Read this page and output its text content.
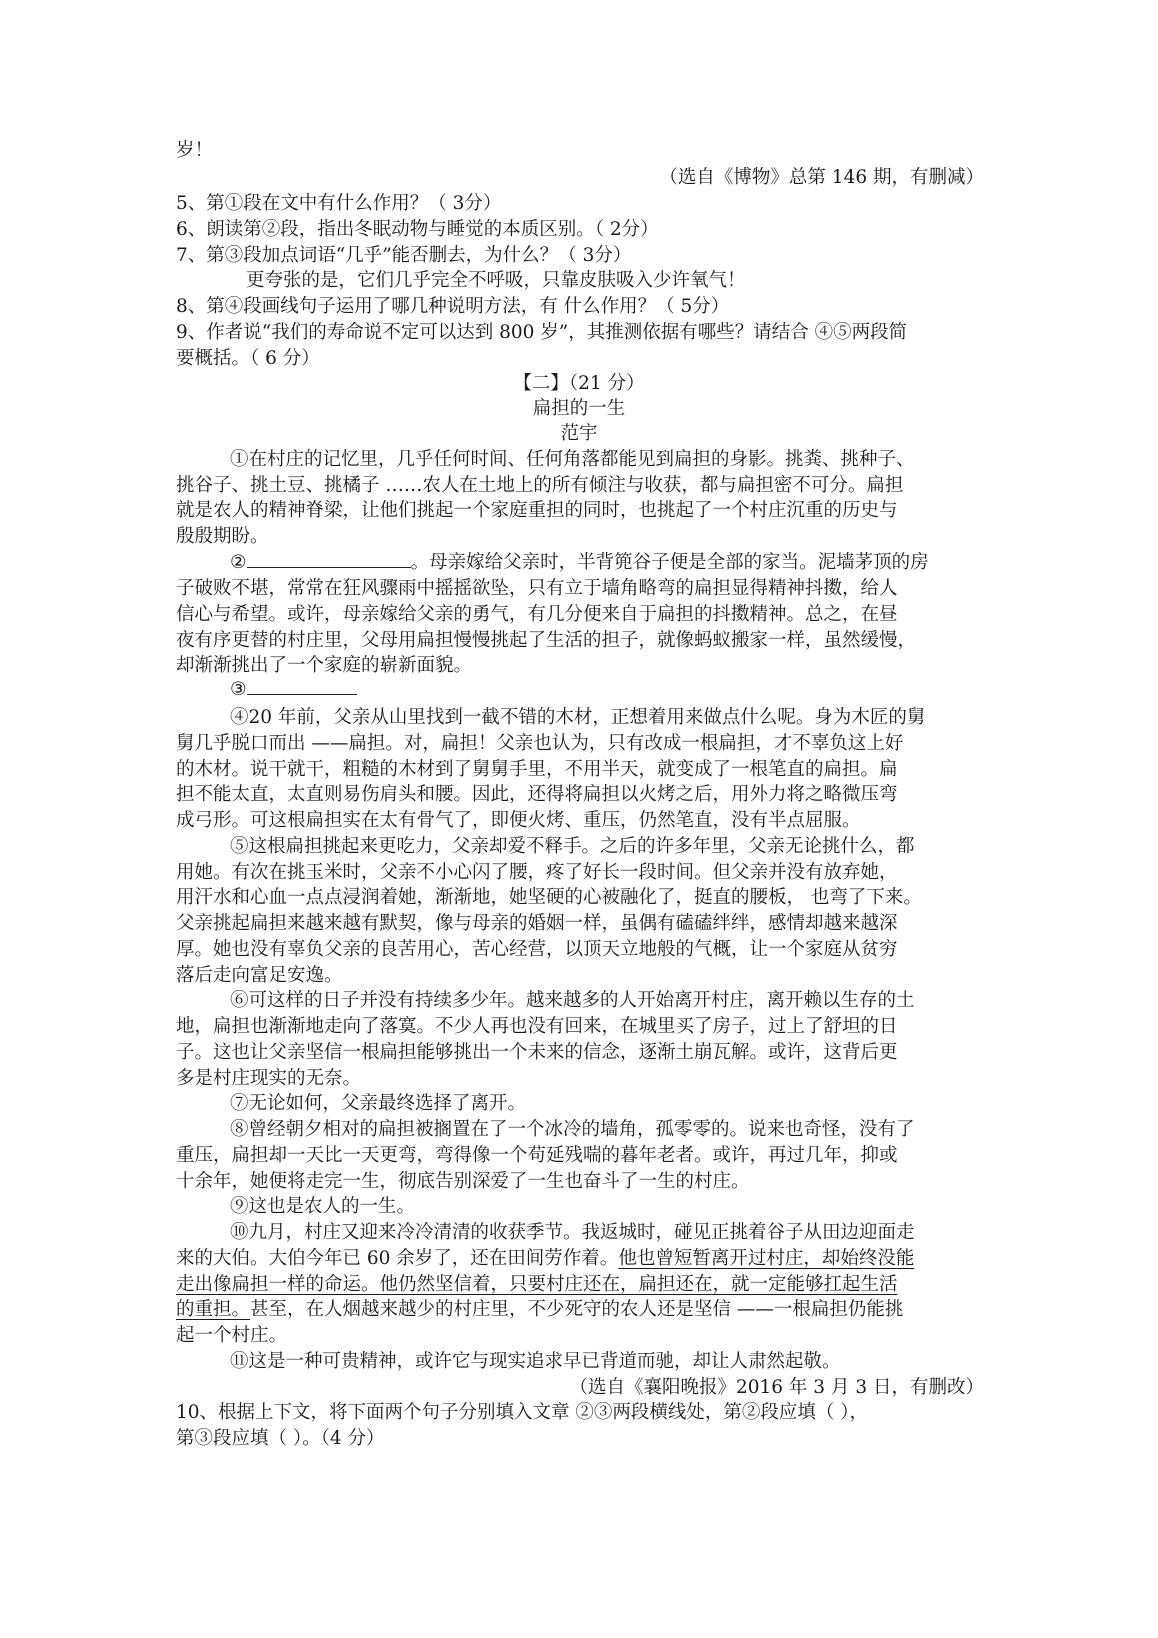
岁！
（选自《博物》总第 146 期，有删减）
5、第①段在文中有什么作用？（ 3分）
6、朗读第②段，指出冬眠动物与睡觉的本质区别。（ 2分）
7、第③段加点词语“几乎”能否删去，为什么？（ 3分）
更夸张的是，它们几乎完全不呼吸，只靠皮肤吸入少许氧气！
8、第④段画线句子运用了哪几种说明方法，有 什么作用？（ 5分）
9、作者说“我们的寿命说不定可以达到 800 岁”，其推测依据有哪些？请结合 ④⑤两段简
要概括。（ 6 分）
【二】（21 分）
扁担的一生
范宇
①在村庄的记忆里，几乎任何时间、任何角落都能见到扁担的身影。挑粪、挑种子、
挑谷子、挑土豆、挑橘子 ……农人在土地上的所有倾注与收获，都与扁担密不可分。扁担
就是农人的精神脊梁，让他们挑起一个家庭重担的同时，也挑起了一个村庄沉重的历史与
殷殷期盼。
②	。母亲嫁给父亲时，半背篼谷子便是全部的家当。泥墙茅顶的房
子破败不堪，常常在狂风骤雨中摇摇欲坠，只有立于墙角略弯的扁担显得精神抖擞，给人
信心与希望。或许，母亲嫁给父亲的勇气，有几分便来自于扁担的抖擞精神。总之，在昼
夜有序更替的村庄里，父母用扁担慢慢挑起了生活的担子，就像蚂蚁搬家一样，虽然缓慢，
却渐渐挑出了一个家庭的崭新面貌。
③
④20 年前，父亲从山里找到一截不错的木材，正想着用来做点什么呢。身为木匠的舅
舅几乎脱口而出 ——扁担。对，扁担！父亲也认为，只有改成一根扁担，才不辜负这上好
的木材。说干就干，粗糙的木材到了舅舅手里，不用半天，就变成了一根笔直的扁担。扁
担不能太直，太直则易伤肩头和腰。因此，还得将扁担以火烤之后，用外力将之略微压弯
成弓形。可这根扁担实在太有骨气了，即便火烤、重压，仍然笔直，没有半点屈服。
⑤这根扁担挑起来更吃力，父亲却爱不释手。之后的许多年里，父亲无论挑什么，都
用她。有次在挑玉米时，父亲不小心闪了腰，疼了好长一段时间。但父亲并没有放弃她，
用汗水和心血一点点浸润着她，渐渐地，她坚硬的心被融化了，挺直的腰板， 也弯了下来。
父亲挑起扁担来越来越有默契，像与母亲的婚姻一样，虽偶有磕磕绊绊，感情却越来越深
厚。她也没有辜负父亲的良苦用心，苦心经营，以顶天立地般的气概，让一个家庭从贫穷
落后走向富足安逸。
⑥可这样的日子并没有持续多少年。越来越多的人开始离开村庄，离开赖以生存的土
地，扁担也渐渐地走向了落寞。不少人再也没有回来，在城里买了房子，过上了舒坦的日
子。这也让父亲坚信一根扁担能够挑出一个未来的信念，逐渐土崩瓦解。或许，这背后更
多是村庄现实的无奈。
⑦无论如何，父亲最终选择了离开。
⑧曾经朝夕相对的扁担被搁置在了一个冰冷的墙角，孤零零的。说来也奇怪，没有了
重压，扁担却一天比一天更弯，弯得像一个苟延残喘的暮年老者。或许，再过几年，抑或
十余年，她便将走完一生，彻底告别深爱了一生也奋斗了一生的村庄。
⑨这也是农人的一生。
⑩九月，村庄又迎来冷冷清清的收获季节。我返城时，碰见正挑着谷子从田边迎面走
来的大伯。大伯今年已 60 余岁了，还在田间劳作着。他也曾短暂离开过村庄，却始终没能
走出像扁担一样的命运。他仍然坚信着，只要村庄还在，扁担还在，就一定能够扛起生活
的重担。甚至，在人烟越来越少的村庄里，不少死守的农人还是坚信 ——一根扁担仍能挑
起一个村庄。
⑪这是一种可贵精神，或许它与现实追求早已背道而驰，却让人肃然起敬。
（选自《襄阳晚报》2016 年 3 月 3 日，有删改）
10、根据上下文，将下面两个句子分别填入文章 ②③两段横线处，第②段应填（ ），
第③段应填（ ）。（4 分）
